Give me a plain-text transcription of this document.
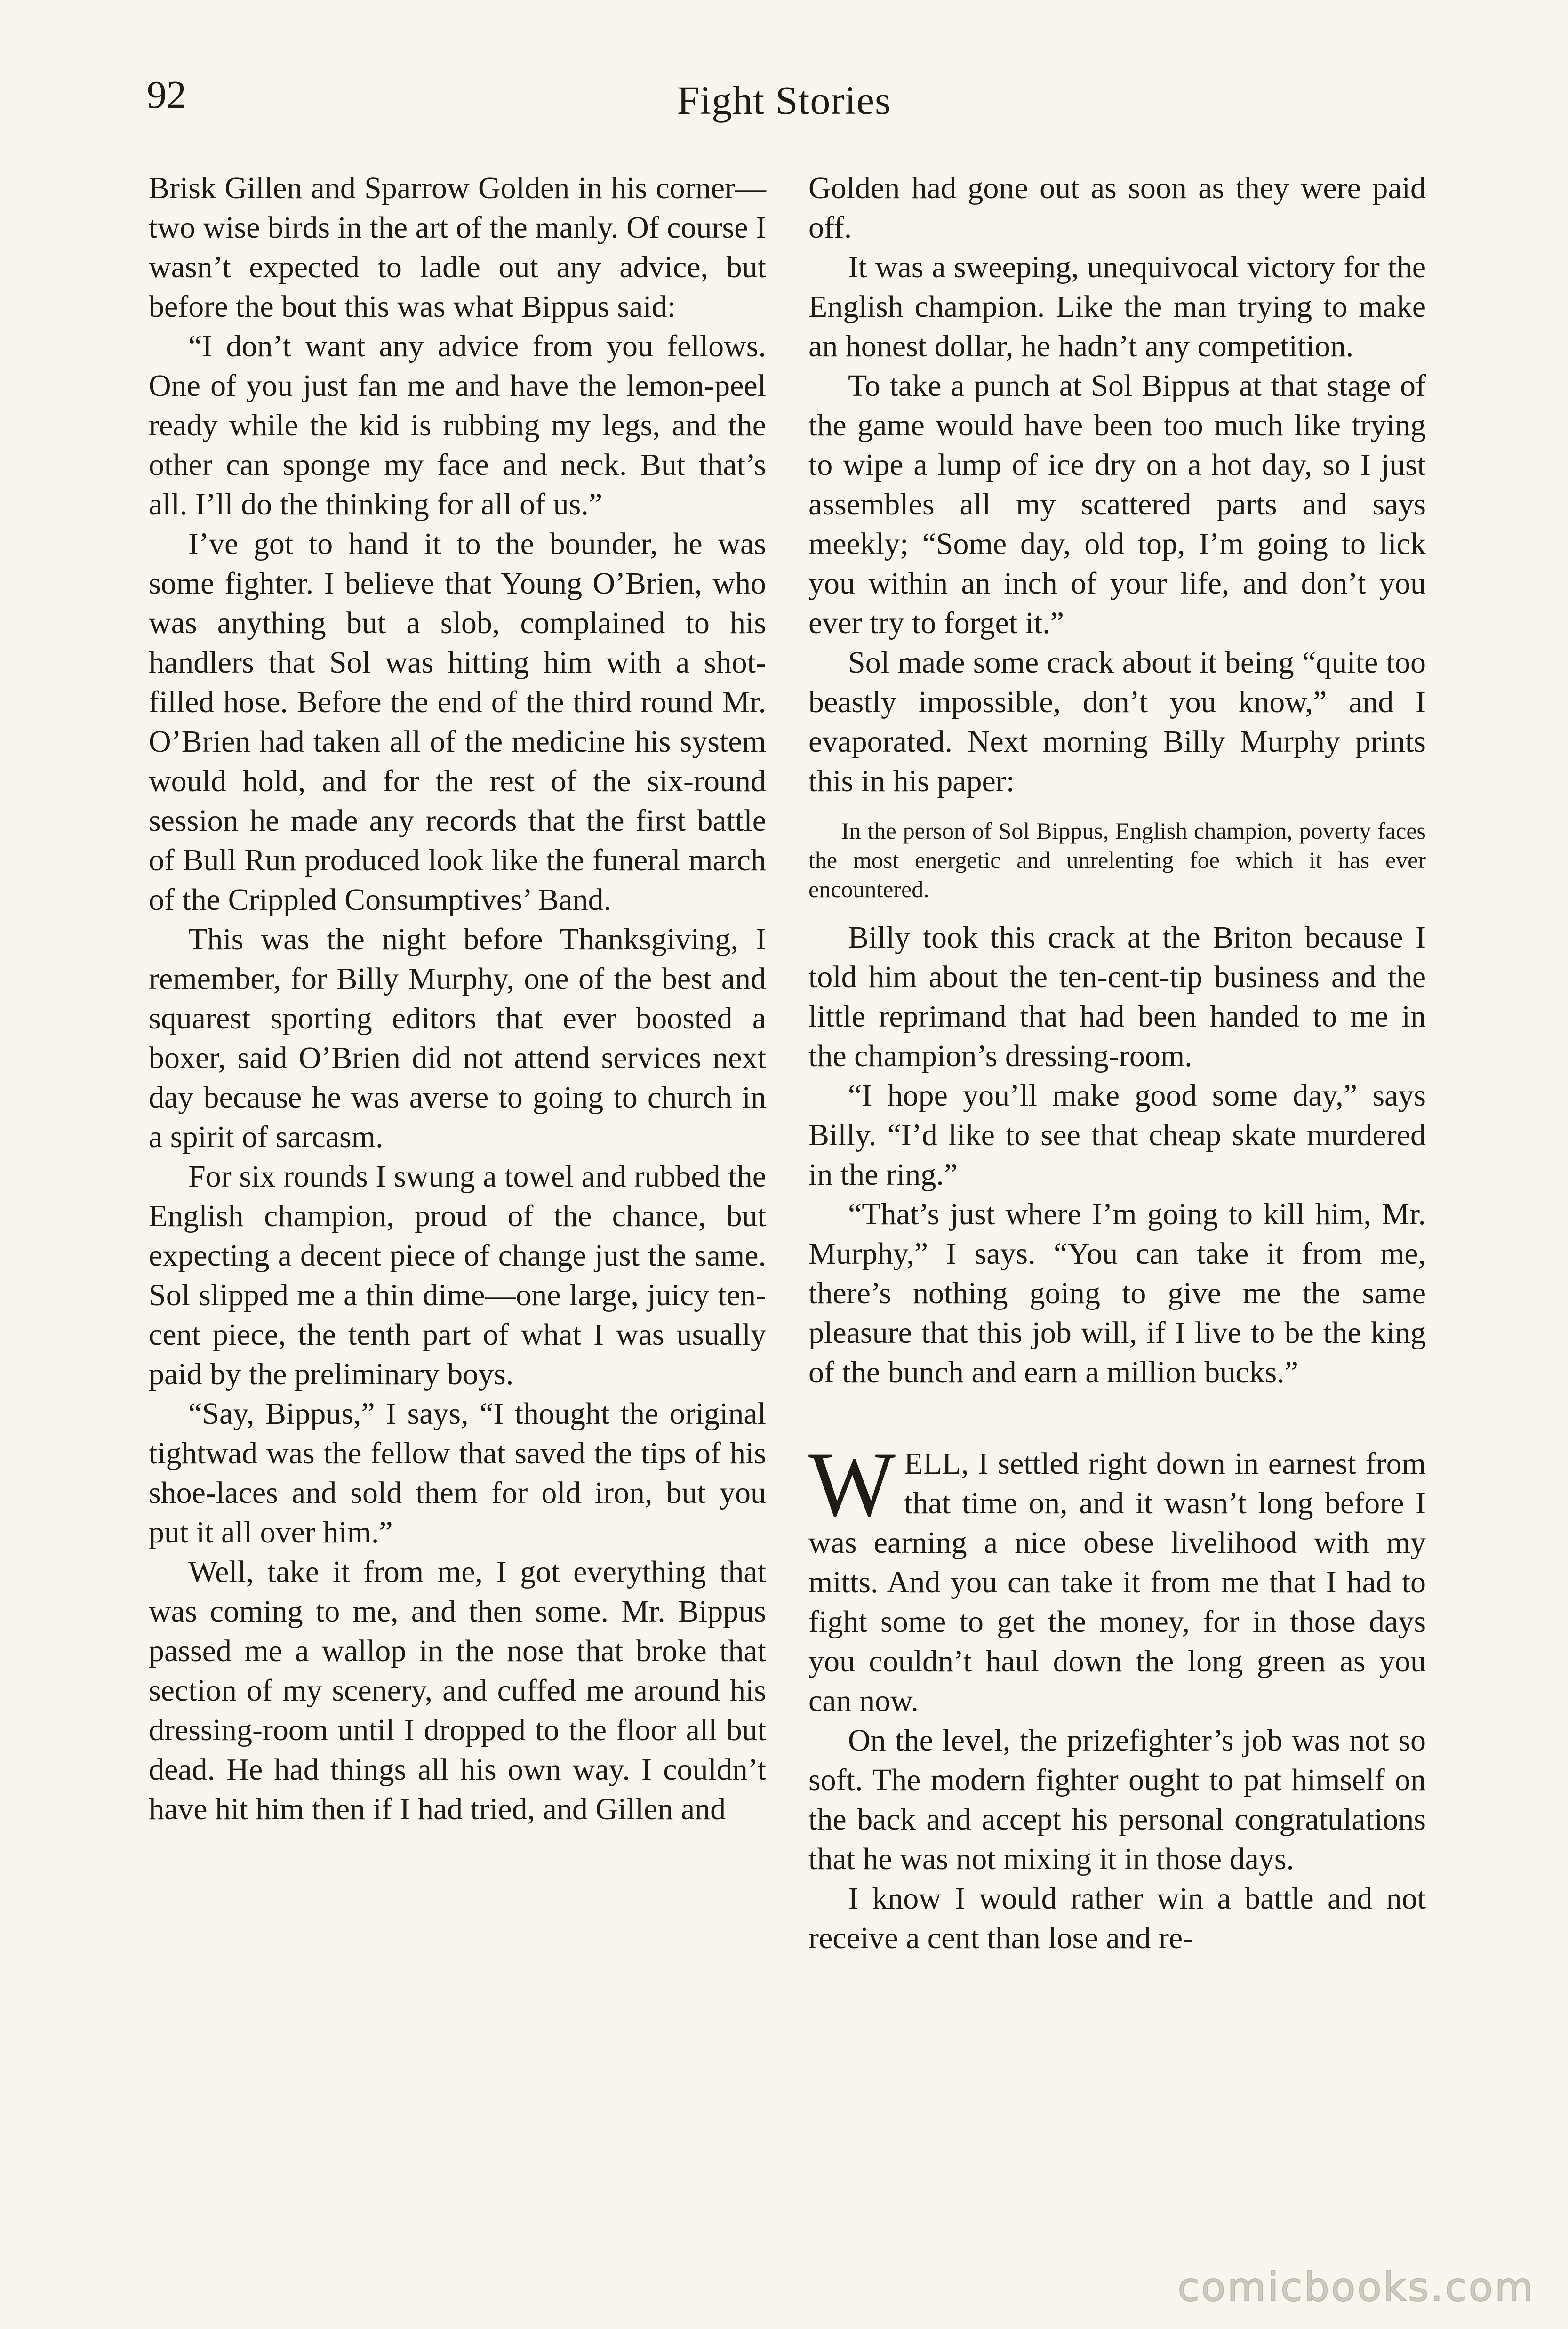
92	Fight Stories

Brisk Gillen and Sparrow Golden in his corner—two wise birds in the art of the manly. Of course I wasn’t expected to ladle out any advice, but before the bout this was what Bippus said:

“I don’t want any advice from you fellows. One of you just fan me and have the lemon-peel ready while the kid is rubbing my legs, and the other can sponge my face and neck. But that’s all. I’ll do the thinking for all of us.”

I’ve got to hand it to the bounder, he was some fighter. I believe that Young O’Brien, who was anything but a slob, complained to his handlers that Sol was hitting him with a shot-filled hose. Before the end of the third round Mr. O’Brien had taken all of the medicine his system would hold, and for the rest of the six-round session he made any records that the first battle of Bull Run produced look like the funeral march of the Crippled Consumptives’ Band.

This was the night before Thanksgiving, I remember, for Billy Murphy, one of the best and squarest sporting editors that ever boosted a boxer, said O’Brien did not attend services next day because he was averse to going to church in a spirit of sarcasm.

For six rounds I swung a towel and rubbed the English champion, proud of the chance, but expecting a decent piece of change just the same. Sol slipped me a thin dime—one large, juicy ten-cent piece, the tenth part of what I was usually paid by the preliminary boys.

“Say, Bippus,” I says, “I thought the original tightwad was the fellow that saved the tips of his shoe-laces and sold them for old iron, but you put it all over him.”

Well, take it from me, I got everything that was coming to me, and then some. Mr. Bippus passed me a wallop in the nose that broke that section of my scenery, and cuffed me around his dressing-room until I dropped to the floor all but dead. He had things all his own way. I couldn’t have hit him then if I had tried, and Gillen and

Golden had gone out as soon as they were paid off.

It was a sweeping, unequivocal victory for the English champion. Like the man trying to make an honest dollar, he hadn’t any competition.

To take a punch at Sol Bippus at that stage of the game would have been too much like trying to wipe a lump of ice dry on a hot day, so I just assembles all my scattered parts and says meekly; “Some day, old top, I’m going to lick you within an inch of your life, and don’t you ever try to forget it.”

Sol made some crack about it being “quite too beastly impossible, don’t you know,” and I evaporated. Next morning Billy Murphy prints this in his paper:

In the person of Sol Bippus, English champion, poverty faces the most energetic and unrelenting foe which it has ever encountered.

Billy took this crack at the Briton because I told him about the ten-cent-tip business and the little reprimand that had been handed to me in the champion’s dressing-room.

“I hope you’ll make good some day,” says Billy. “I’d like to see that cheap skate murdered in the ring.”

“That’s just where I’m going to kill him, Mr. Murphy,” I says. “You can take it from me, there’s nothing going to give me the same pleasure that this job will, if I live to be the king of the bunch and earn a million bucks.”

WELL, I settled right down in earnest from that time on, and it wasn’t long before I was earning a nice obese livelihood with my mitts. And you can take it from me that I had to fight some to get the money, for in those days you couldn’t haul down the long green as you can now.

On the level, the prizefighter’s job was not so soft. The modern fighter ought to pat himself on the back and accept his personal congratulations that he was not mixing it in those days.

I know I would rather win a battle and not receive a cent than lose and re-

comicbooks.com
